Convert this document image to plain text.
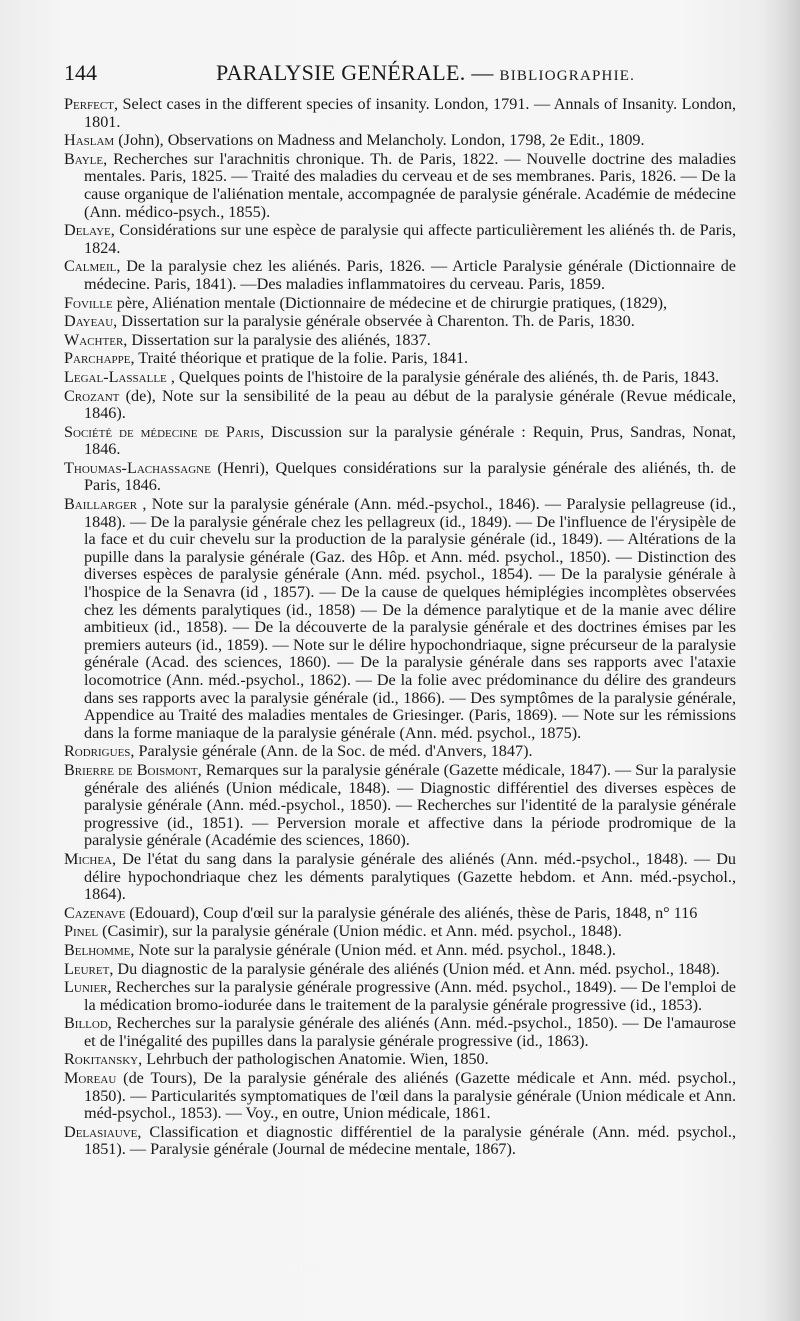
144	PARALYSIE GENÉRALE. — BIBLIOGRAPHIE.

Perfect, Select cases in the different species of insanity. London, 1791. — Annals of Insanity. London, 1801.

Haslam (John), Observations on Madness and Melancholy. London, 1798, 2e Edit., 1809.

Bayle, Recherches sur l'arachnitis chronique. Th. de Paris, 1822. — Nouvelle doctrine des maladies mentales. Paris, 1825. — Traité des maladies du cerveau et de ses membranes. Paris, 1826. — De la cause organique de l'aliénation mentale, accompagnée de paralysie générale. Académie de médecine (Ann. médico-psych., 1855).

Delaye, Considérations sur une espèce de paralysie qui affecte particulièrement les aliénés th. de Paris, 1824.

Calmeil, De la paralysie chez les aliénés. Paris, 1826. — Article Paralysie générale (Dictionnaire de médecine. Paris, 1841). —Des maladies inflammatoires du cerveau. Paris, 1859.

Foville père, Aliénation mentale (Dictionnaire de médecine et de chirurgie pratiques, (1829),

Dayeau, Dissertation sur la paralysie générale observée à Charenton. Th. de Paris, 1830.

Wachter, Dissertation sur la paralysie des aliénés, 1837.

Parchappe, Traité théorique et pratique de la folie. Paris, 1841.

Legal-Lassalle , Quelques points de l'histoire de la paralysie générale des aliénés, th. de Paris, 1843.

Crozant (de), Note sur la sensibilité de la peau au début de la paralysie générale (Revue médicale, 1846).

Société de médecine de Paris, Discussion sur la paralysie générale : Requin, Prus, Sandras, Nonat, 1846.

Thoumas-Lachassagne (Henri), Quelques considérations sur la paralysie générale des aliénés, th. de Paris, 1846.

Baillarger , Note sur la paralysie générale (Ann. méd.-psychol., 1846). — Paralysie pellagreuse (id., 1848). — De la paralysie générale chez les pellagreux (id., 1849). — De l'influence de l'érysipèle de la face et du cuir chevelu sur la production de la paralysie générale (id., 1849). — Altérations de la pupille dans la paralysie générale (Gaz. des Hôp. et Ann. méd. psychol., 1850). — Distinction des diverses espèces de paralysie générale (Ann. méd. psychol., 1854). — De la paralysie générale à l'hospice de la Senavra (id , 1857). — De la cause de quelques hémiplégies incomplètes observées chez les déments paralytiques (id., 1858) — De la démence paralytique et de la manie avec délire ambitieux (id., 1858). — De la découverte de la paralysie générale et des doctrines émises par les premiers auteurs (id., 1859). — Note sur le délire hypochondriaque, signe précurseur de la paralysie générale (Acad. des sciences, 1860). — De la paralysie générale dans ses rapports avec l'ataxie locomotrice (Ann. méd.-psychol., 1862). — De la folie avec prédominance du délire des grandeurs dans ses rapports avec la paralysie générale (id., 1866). — Des symptômes de la paralysie générale, Appendice au Traité des maladies mentales de Griesinger. (Paris, 1869). — Note sur les rémissions dans la forme maniaque de la paralysie générale (Ann. méd. psychol., 1875).

Rodrigues, Paralysie générale (Ann. de la Soc. de méd. d'Anvers, 1847).

Brierre de Boismont, Remarques sur la paralysie générale (Gazette médicale, 1847). — Sur la paralysie générale des aliénés (Union médicale, 1848). — Diagnostic différentiel des diverses espèces de paralysie générale (Ann. méd.-psychol., 1850). — Recherches sur l'identité de la paralysie générale progressive (id., 1851). — Perversion morale et affective dans la période prodromique de la paralysie générale (Académie des sciences, 1860).

Michea, De l'état du sang dans la paralysie générale des aliénés (Ann. méd.-psychol., 1848). — Du délire hypochondriaque chez les déments paralytiques (Gazette hebdom. et Ann. méd.-psychol., 1864).

Cazenave (Edouard), Coup d'œil sur la paralysie générale des aliénés, thèse de Paris, 1848, n° 116

Pinel (Casimir), sur la paralysie générale (Union médic. et Ann. méd. psychol., 1848).

Belhomme, Note sur la paralysie générale (Union méd. et Ann. méd. psychol., 1848.).

Leuret, Du diagnostic de la paralysie générale des aliénés (Union méd. et Ann. méd. psychol., 1848).

Lunier, Recherches sur la paralysie générale progressive (Ann. méd. psychol., 1849). — De l'emploi de la médication bromo-iodurée dans le traitement de la paralysie générale progressive (id., 1853).

Billod, Recherches sur la paralysie générale des aliénés (Ann. méd.-psychol., 1850). — De l'amaurose et de l'inégalité des pupilles dans la paralysie générale progressive (id., 1863).

Rokitansky, Lehrbuch der pathologischen Anatomie. Wien, 1850.

Moreau (de Tours), De la paralysie générale des aliénés (Gazette médicale et Ann. méd. psychol., 1850). — Particularités symptomatiques de l'œil dans la paralysie générale (Union médicale et Ann. méd-psychol., 1853). — Voy., en outre, Union médicale, 1861.

Delasiauve, Classification et diagnostic différentiel de la paralysie générale (Ann. méd. psychol., 1851). — Paralysie générale (Journal de médecine mentale, 1867).
